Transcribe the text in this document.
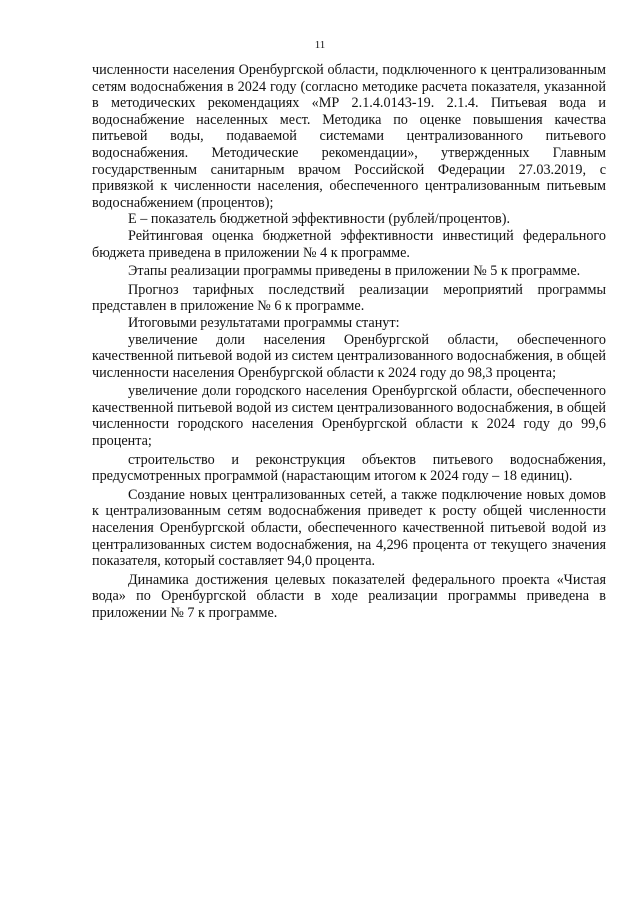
11

численности населения Оренбургской области, подключенного к централизованным сетям водоснабжения в 2024 году (согласно методике расчета показателя, указанной в методических рекомендациях «МР 2.1.4.0143-19. 2.1.4. Питьевая вода и водоснабжение населенных мест. Методика по оценке повышения качества питьевой воды, подаваемой системами централизованного питьевого водоснабжения. Методические рекомендации», утвержденных Главным государственным санитарным врачом Российской Федерации 27.03.2019, с привязкой к численности населения, обеспеченного централизованным питьевым водоснабжением (процентов);

E – показатель бюджетной эффективности (рублей/процентов).

Рейтинговая оценка бюджетной эффективности инвестиций федерального бюджета приведена в приложении № 4 к программе.

Этапы реализации программы приведены в приложении № 5 к программе.

Прогноз тарифных последствий реализации мероприятий программы представлен в приложение № 6 к программе.

Итоговыми результатами программы станут:

увеличение доли населения Оренбургской области, обеспеченного качественной питьевой водой из систем централизованного водоснабжения, в общей численности населения Оренбургской области к 2024 году до 98,3 процента;

увеличение доли городского населения Оренбургской области, обеспеченного качественной питьевой водой из систем централизованного водоснабжения, в общей численности городского населения Оренбургской области к 2024 году до 99,6 процента;

строительство и реконструкция объектов питьевого водоснабжения, предусмотренных программой (нарастающим итогом к 2024 году – 18 единиц).

Создание новых централизованных сетей, а также подключение новых домов к централизованным сетям водоснабжения приведет к росту общей численности населения Оренбургской области, обеспеченного качественной питьевой водой из централизованных систем водоснабжения, на 4,296 процента от текущего значения показателя, который составляет 94,0 процента.

Динамика достижения целевых показателей федерального проекта «Чистая вода» по Оренбургской области в ходе реализации программы приведена в приложении № 7 к программе.
